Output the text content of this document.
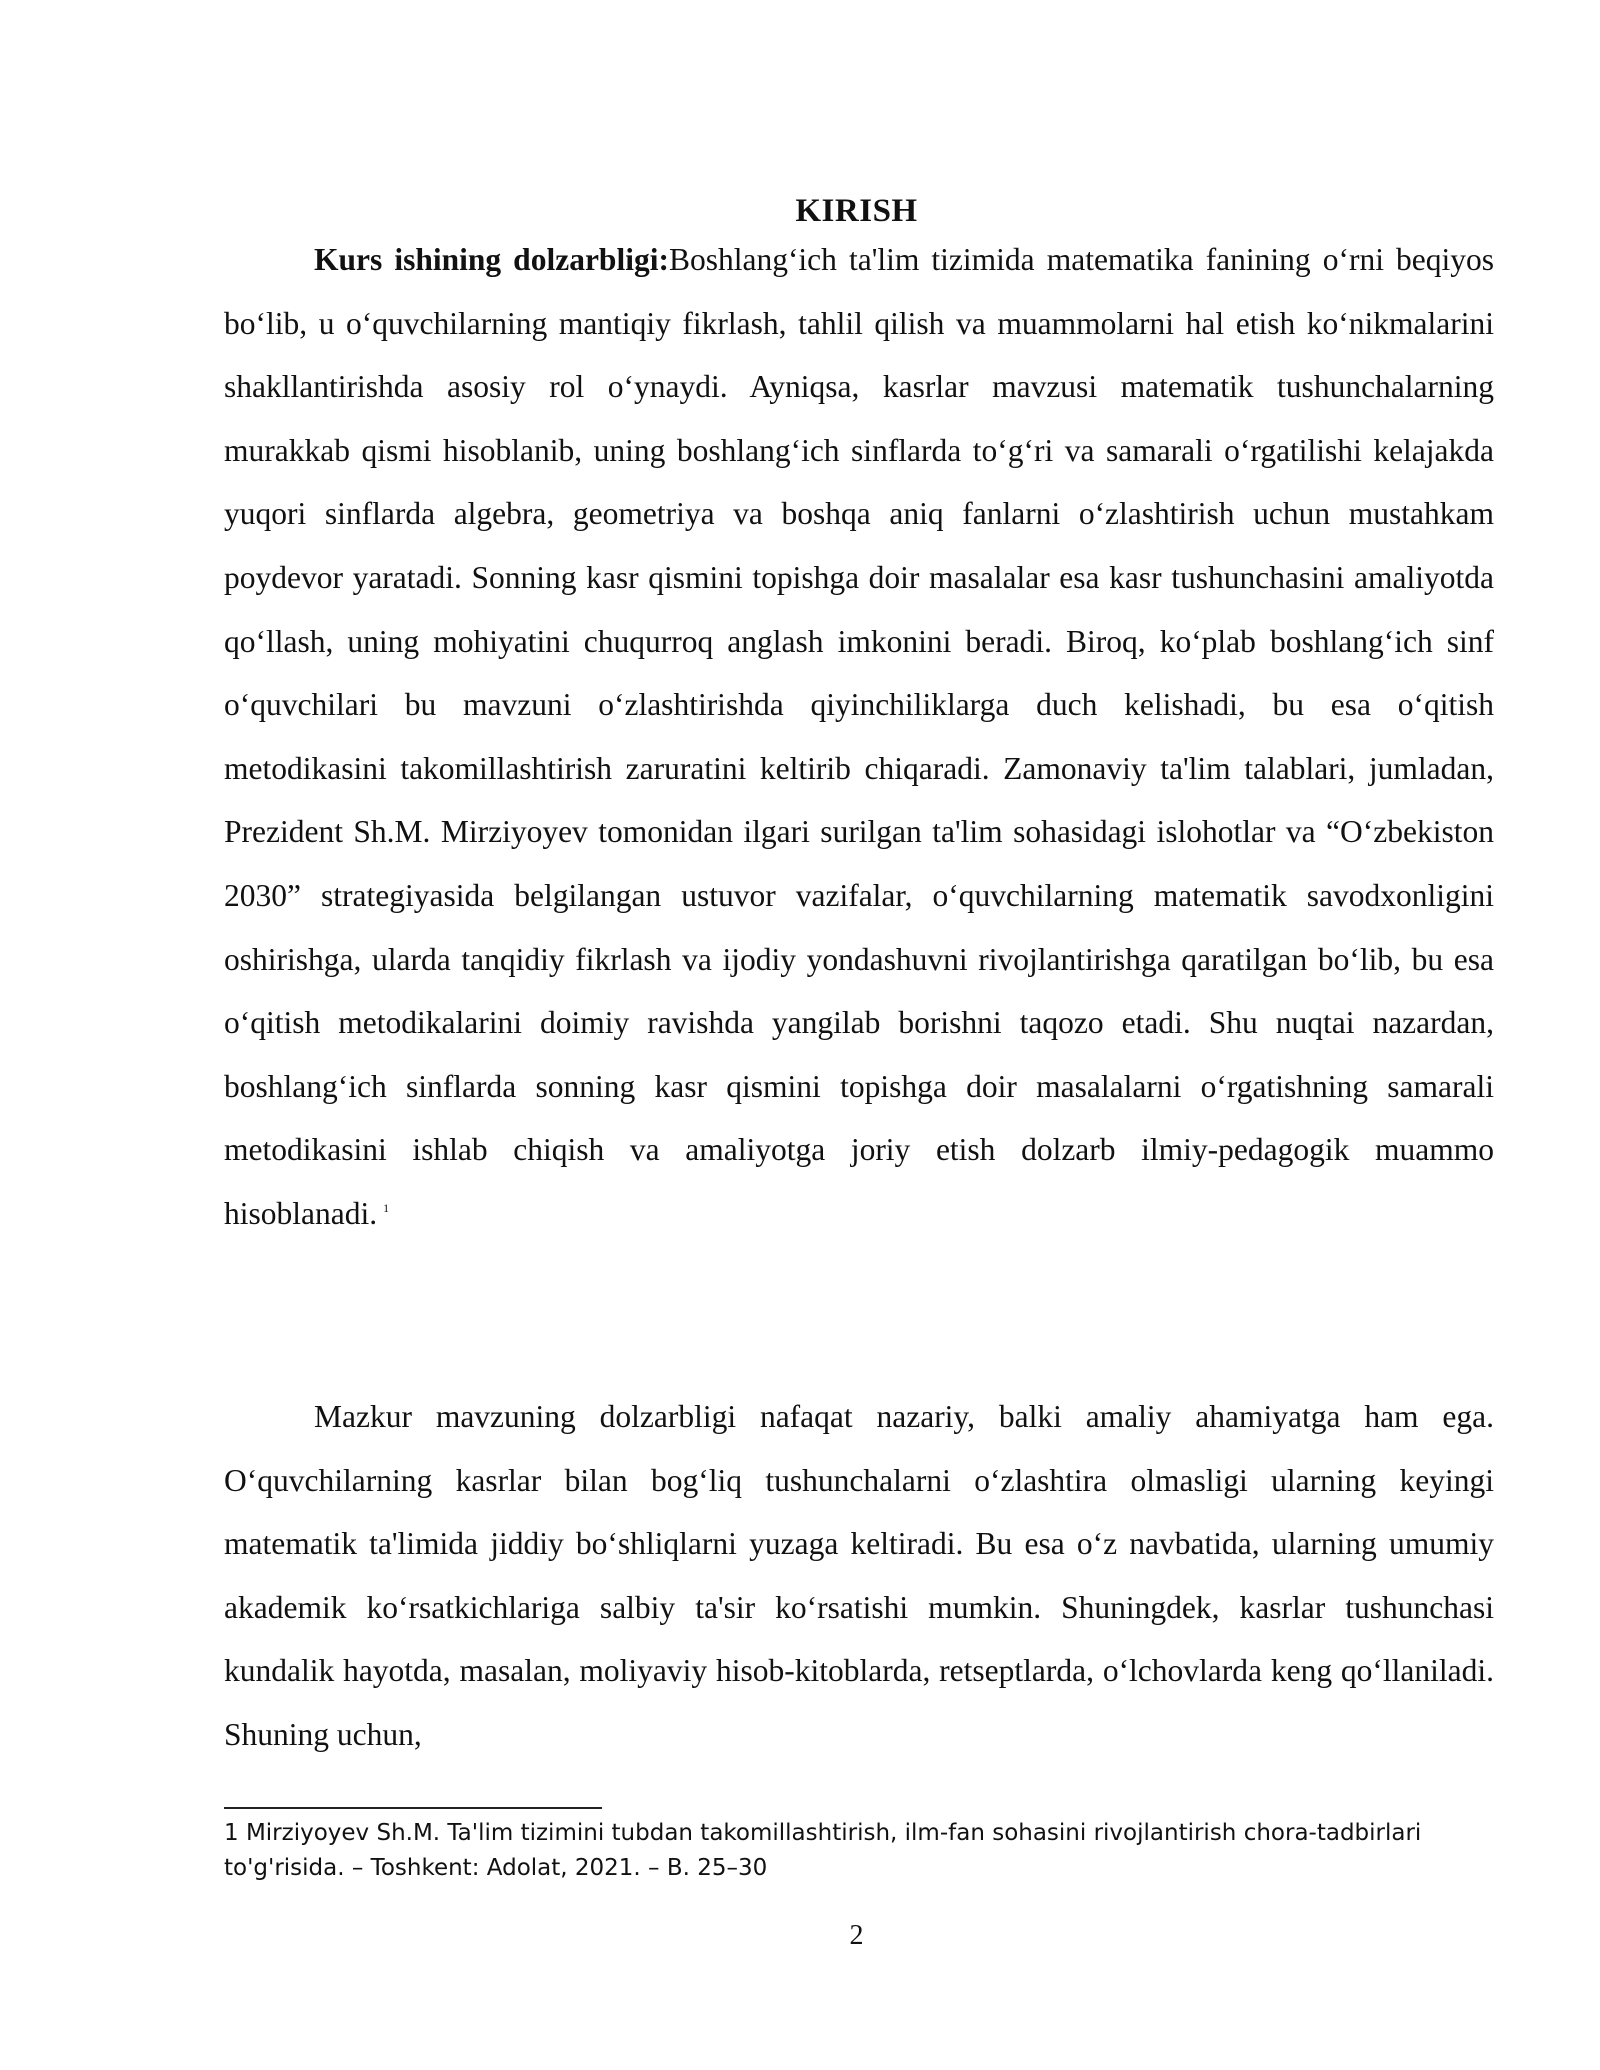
KIRISH

Kurs ishining dolzarbligi:Boshlang‘ich ta'lim tizimida matematika fanining o‘rni beqiyos bo‘lib, u o‘quvchilarning mantiqiy fikrlash, tahlil qilish va muammolarni hal etish ko‘nikmalarini shakllantirishda asosiy rol o‘ynaydi. Ayniqsa, kasrlar mavzusi matematik tushunchalarning murakkab qismi hisoblanib, uning boshlang‘ich sinflarda to‘g‘ri va samarali o‘rgatilishi kelajakda yuqori sinflarda algebra, geometriya va boshqa aniq fanlarni o‘zlashtirish uchun mustahkam poydevor yaratadi. Sonning kasr qismini topishga doir masalalar esa kasr tushunchasini amaliyotda qo‘llash, uning mohiyatini chuqurroq anglash imkonini beradi. Biroq, ko‘plab boshlang‘ich sinf o‘quvchilari bu mavzuni o‘zlashtirishda qiyinchiliklarga duch kelishadi, bu esa o‘qitish metodikasini takomillashtirish zaruratini keltirib chiqaradi. Zamonaviy ta'lim talablari, jumladan, Prezident Sh.M. Mirziyoyev tomonidan ilgari surilgan ta'lim sohasidagi islohotlar va “O‘zbekiston 2030” strategiyasida belgilangan ustuvor vazifalar, o‘quvchilarning matematik savodxonligini oshirishga, ularda tanqidiy fikrlash va ijodiy yondashuvni rivojlantirishga qaratilgan bo‘lib, bu esa o‘qitish metodikalarini doimiy ravishda yangilab borishni taqozo etadi. Shu nuqtai nazardan, boshlang‘ich sinflarda sonning kasr qismini topishga doir masalalarni o‘rgatishning samarali metodikasini ishlab chiqish va amaliyotga joriy etish dolzarb ilmiy-pedagogik muammo hisoblanadi. $^1$

Mazkur mavzuning dolzarbligi nafaqat nazariy, balki amaliy ahamiyatga ham ega. O‘quvchilarning kasrlar bilan bog‘liq tushunchalarni o‘zlashtira olmasligi ularning keyingi matematik ta'limida jiddiy bo‘shliqlarni yuzaga keltiradi. Bu esa o‘z navbatida, ularning umumiy akademik ko‘rsatkichlariga salbiy ta'sir ko‘rsatishi mumkin. Shuningdek, kasrlar tushunchasi kundalik hayotda, masalan, moliyaviy hisob-kitoblarda, retseptlarda, o‘lchovlarda keng qo‘llaniladi. Shuning uchun,

1 Mirziyoyev Sh.M. Ta'lim tizimini tubdan takomillashtirish, ilm-fan sohasini rivojlantirish chora-tadbirlari to'g'risida. – Toshkent: Adolat, 2021. – B. 25–30

2
